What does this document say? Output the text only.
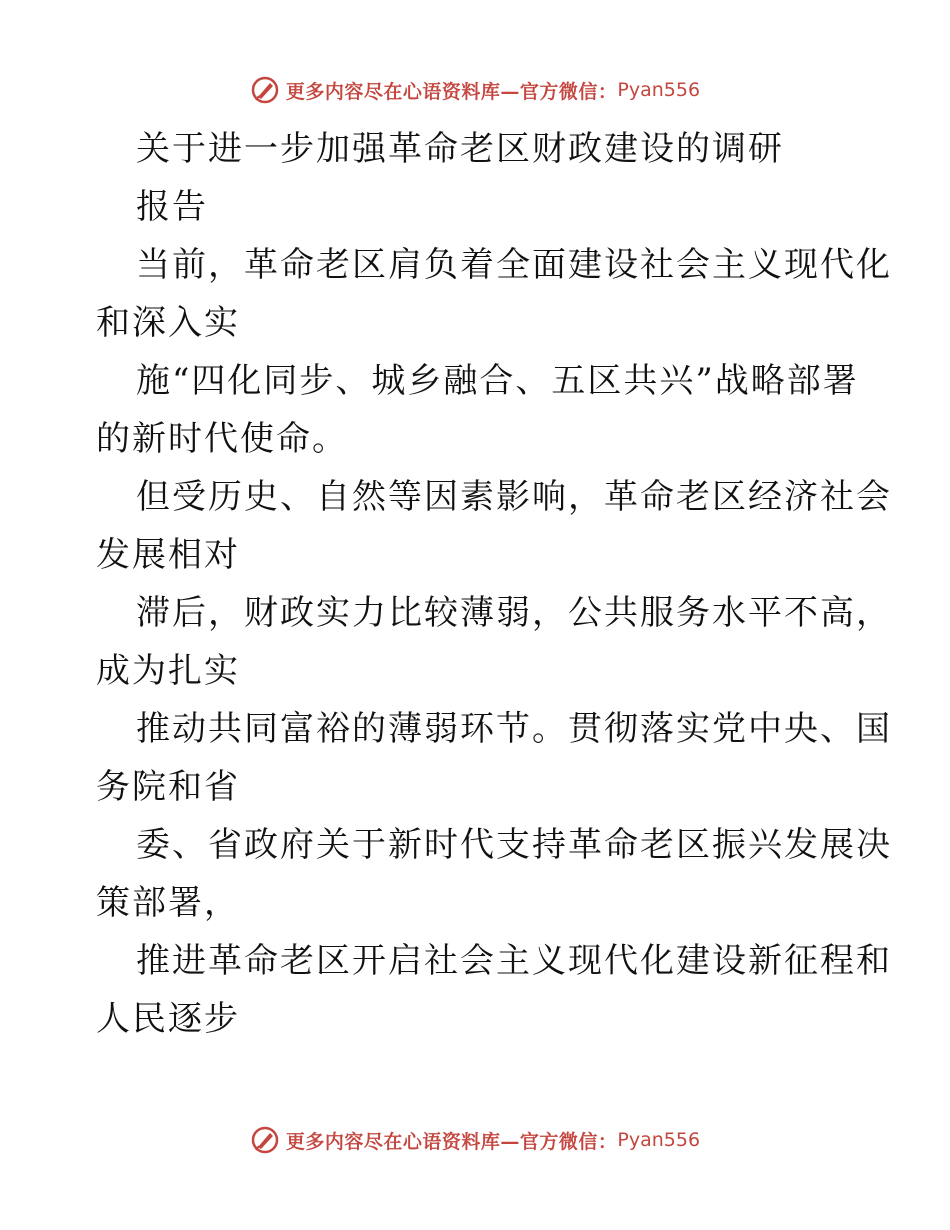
更多内容尽在心语资料库—官方微信： Pyan556
关于进一步加强革命老区财政建设的调研
报告
当前，革命老区肩负着全面建设社会主义现代化
和深入实
施“四化同步、城乡融合、五区共兴”战略部署
的新时代使命。
但受历史、自然等因素影响，革命老区经济社会
发展相对
滞后，财政实力比较薄弱，公共服务水平不高，
成为扎实
推动共同富裕的薄弱环节。贯彻落实党中央、国
务院和省
委、省政府关于新时代支持革命老区振兴发展决
策部署，
推进革命老区开启社会主义现代化建设新征程和
人民逐步
更多内容尽在心语资料库—官方微信： Pyan556
